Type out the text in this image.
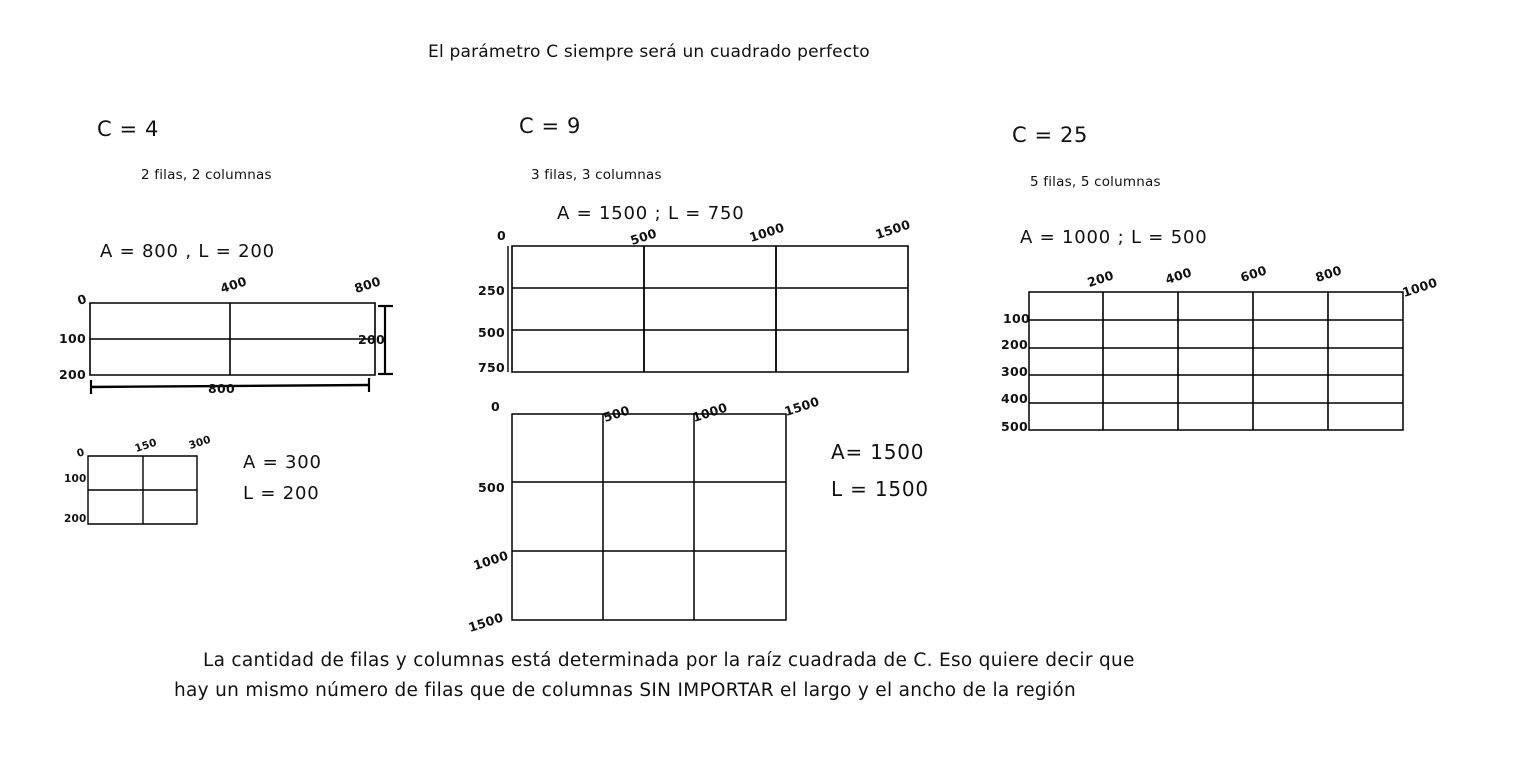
El parámetro C siempre será un cuadrado perfecto
C = 4
2 filas, 2 columnas
A = 800 , L = 200
0
400	800
100
200
800
200
0	150	300
100
200
A = 300
L = 200
C = 9
3 filas, 3 columnas
A = 1500 ; L = 750
0	500	1000	1500
250
500
750
0	500	1000	1500
500
1000
1500
A= 1500
L = 1500
C = 25
5 filas, 5 columnas
A = 1000 ; L = 500
200	400	600	800
1000
100
200
300
400
500
La cantidad de filas y columnas está determinada por la raíz cuadrada de C. Eso quiere decir que
hay un mismo número de filas que de columnas SIN IMPORTAR el largo y el ancho de la región
